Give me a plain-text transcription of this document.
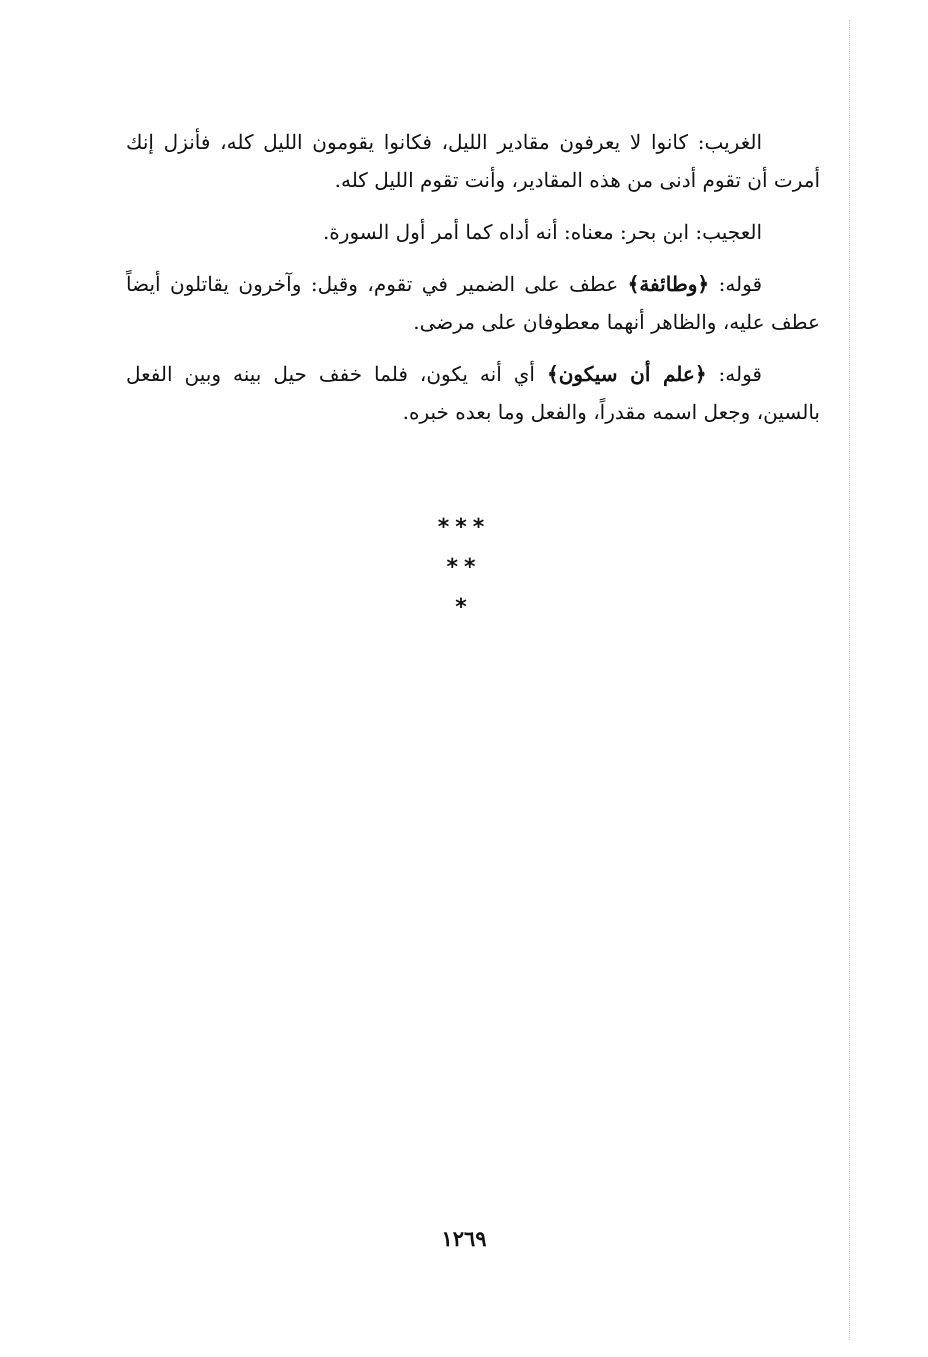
الغريب: كانوا لا يعرفون مقادير الليل، فكانوا يقومون الليل كله، فأنزل إنك أمرت أن تقوم أدنى من هذه المقادير، وأنت تقوم الليل كله.

العجيب: ابن بحر: معناه: أنه أداه كما أمر أول السورة.

قوله: ﴿وطائفة﴾ عطف على الضمير في تقوم، وقيل: وآخرون يقاتلون أيضاً عطف عليه، والظاهر أنهما معطوفان على مرضى.

قوله: ﴿علم أن سيكون﴾ أي أنه يكون، فلما خفف حيل بينه وبين الفعل بالسين، وجعل اسمه مقدراً، والفعل وما بعده خبره.

***
**
*
١٢٦٩
